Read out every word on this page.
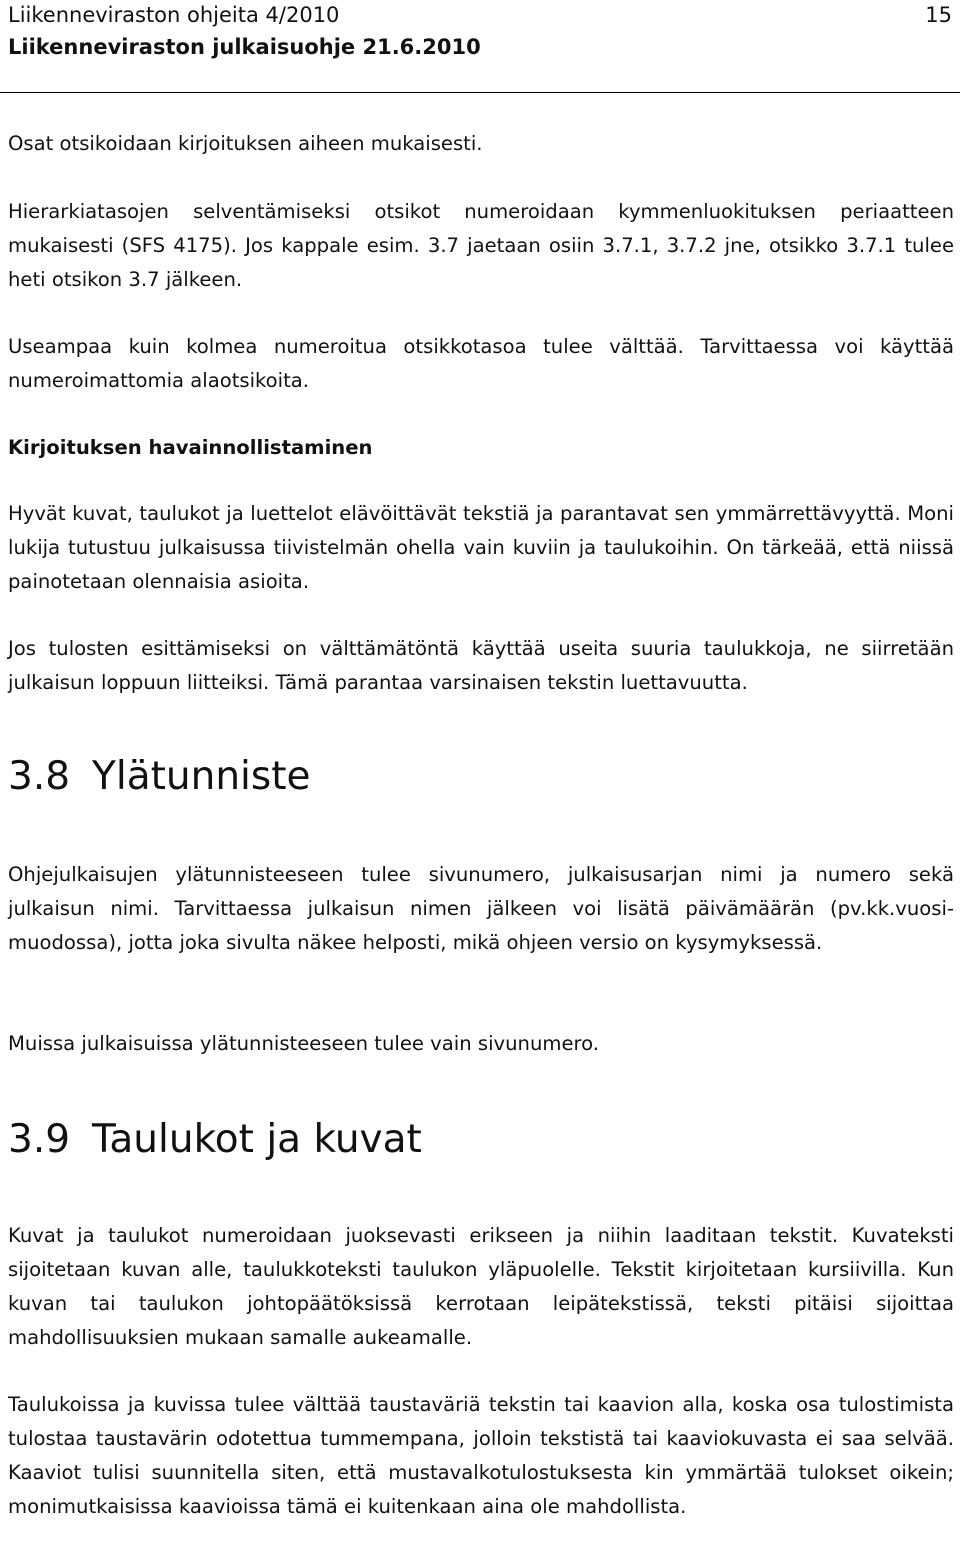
Liikenneviraston ohjeita 4/2010
Liikenneviraston julkaisuohje 21.6.2010
15

Osat otsikoidaan kirjoituksen aiheen mukaisesti.

Hierarkiatasojen selventämiseksi otsikot numeroidaan kymmenluokituksen periaatteen mukaisesti (SFS 4175). Jos kappale esim. 3.7 jaetaan osiin 3.7.1, 3.7.2 jne, otsikko 3.7.1 tulee heti otsikon 3.7 jälkeen.

Useampaa kuin kolmea numeroitua otsikkotasoa tulee välttää. Tarvittaessa voi käyttää numeroimattomia alaotsikoita.

Kirjoituksen havainnollistaminen

Hyvät kuvat, taulukot ja luettelot elävöittävät tekstiä ja parantavat sen ymmärrettävyyttä. Moni lukija tutustuu julkaisussa tiivistelmän ohella vain kuviin ja taulukoihin. On tärkeää, että niissä painotetaan olennaisia asioita.

Jos tulosten esittämiseksi on välttämätöntä käyttää useita suuria taulukkoja, ne siirretään julkaisun loppuun liitteiksi. Tämä parantaa varsinaisen tekstin luettavuutta.

3.8 Ylätunniste

Ohjejulkaisujen ylätunnisteeseen tulee sivunumero, julkaisusarjan nimi ja numero sekä julkaisun nimi. Tarvittaessa julkaisun nimen jälkeen voi lisätä päivämäärän (pv.kk.vuosi-muodossa), jotta joka sivulta näkee helposti, mikä ohjeen versio on kysymyksessä.

Muissa julkaisuissa ylätunnisteeseen tulee vain sivunumero.

3.9 Taulukot ja kuvat

Kuvat ja taulukot numeroidaan juoksevasti erikseen ja niihin laaditaan tekstit. Kuvateksti sijoitetaan kuvan alle, taulukkoteksti taulukon yläpuolelle. Tekstit kirjoitetaan kursiivilla. Kun kuvan tai taulukon johtopäätöksissä kerrotaan leipätekstissä, teksti pitäisi sijoittaa mahdollisuuksien mukaan samalle aukeamalle.

Taulukoissa ja kuvissa tulee välttää taustaväriä tekstin tai kaavion alla, koska osa tulostimista tulostaa taustavärin odotettua tummempana, jolloin tekstistä tai kaaviokuvasta ei saa selvää. Kaaviot tulisi suunnitella siten, että mustavalkotulostuksesta kin ymmärtää tulokset oikein; monimutkaisissa kaavioissa tämä ei kuitenkaan aina ole mahdollista.
